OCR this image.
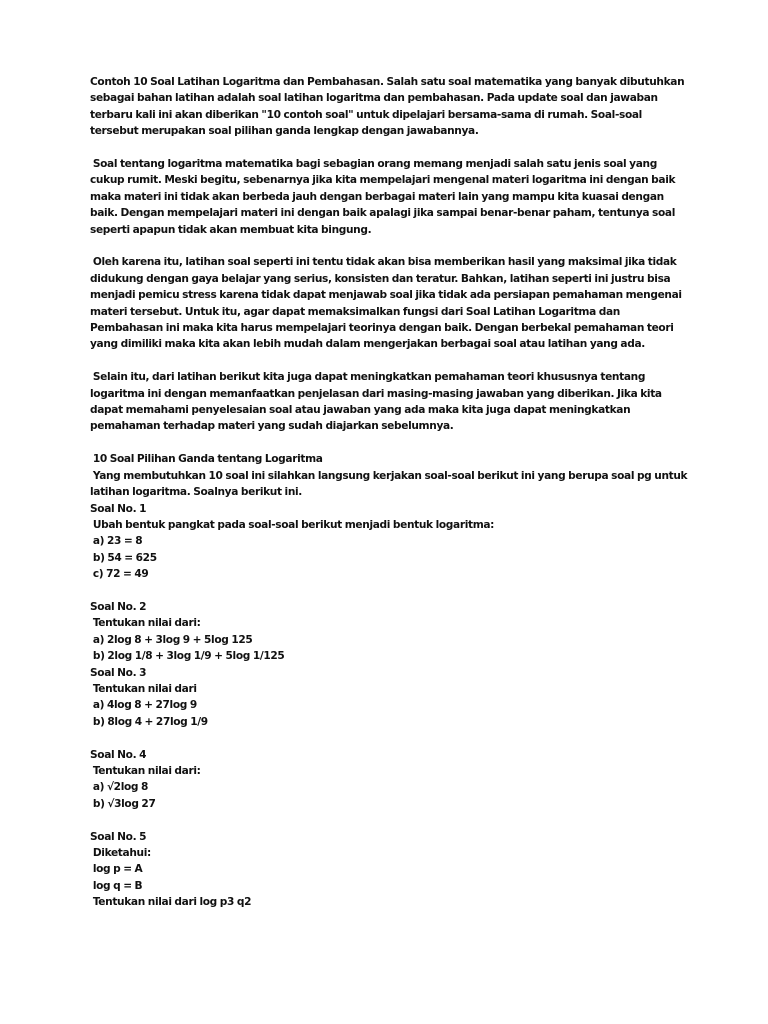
Contoh 10 Soal Latihan Logaritma dan Pembahasan. Salah satu soal matematika yang banyak dibutuhkan sebagai bahan latihan adalah soal latihan logaritma dan pembahasan. Pada update soal dan jawaban terbaru kali ini akan diberikan "10 contoh soal" untuk dipelajari bersama-sama di rumah. Soal-soal tersebut merupakan soal pilihan ganda lengkap dengan jawabannya.

Soal tentang logaritma matematika bagi sebagian orang memang menjadi salah satu jenis soal yang cukup rumit. Meski begitu, sebenarnya jika kita mempelajari mengenal materi logaritma ini dengan baik maka materi ini tidak akan berbeda jauh dengan berbagai materi lain yang mampu kita kuasai dengan baik. Dengan mempelajari materi ini dengan baik apalagi jika sampai benar-benar paham, tentunya soal seperti apapun tidak akan membuat kita bingung.

Oleh karena itu, latihan soal seperti ini tentu tidak akan bisa memberikan hasil yang maksimal jika tidak didukung dengan gaya belajar yang serius, konsisten dan teratur. Bahkan, latihan seperti ini justru bisa menjadi pemicu stress karena tidak dapat menjawab soal jika tidak ada persiapan pemahaman mengenai materi tersebut. Untuk itu, agar dapat memaksimalkan fungsi dari Soal Latihan Logaritma dan Pembahasan ini maka kita harus mempelajari teorinya dengan baik. Dengan berbekal pemahaman teori yang dimiliki maka kita akan lebih mudah dalam mengerjakan berbagai soal atau latihan yang ada.

Selain itu, dari latihan berikut kita juga dapat meningkatkan pemahaman teori khususnya tentang logaritma ini dengan memanfaatkan penjelasan dari masing-masing jawaban yang diberikan. Jika kita dapat memahami penyelesaian soal atau jawaban yang ada maka kita juga dapat meningkatkan pemahaman terhadap materi yang sudah diajarkan sebelumnya.

10 Soal Pilihan Ganda tentang Logaritma

Yang membutuhkan 10 soal ini silahkan langsung kerjakan soal-soal berikut ini yang berupa soal pg untuk latihan logaritma. Soalnya berikut ini.

Soal No. 1
Ubah bentuk pangkat pada soal-soal berikut menjadi bentuk logaritma:
a) 23 = 8
b) 54 = 625
c) 72 = 49
Soal No. 2
Tentukan nilai dari:
a) 2log 8 + 3log 9 + 5log 125
b) 2log 1/8 + 3log 1/9 + 5log 1/125
Soal No. 3
Tentukan nilai dari
a) 4log 8 + 27log 9
b) 8log 4 + 27log 1/9
Soal No. 4
Tentukan nilai dari:
a) √2log 8
b) √3log 27
Soal No. 5
Diketahui:
log p = A
log q = B
Tentukan nilai dari log p3 q2
